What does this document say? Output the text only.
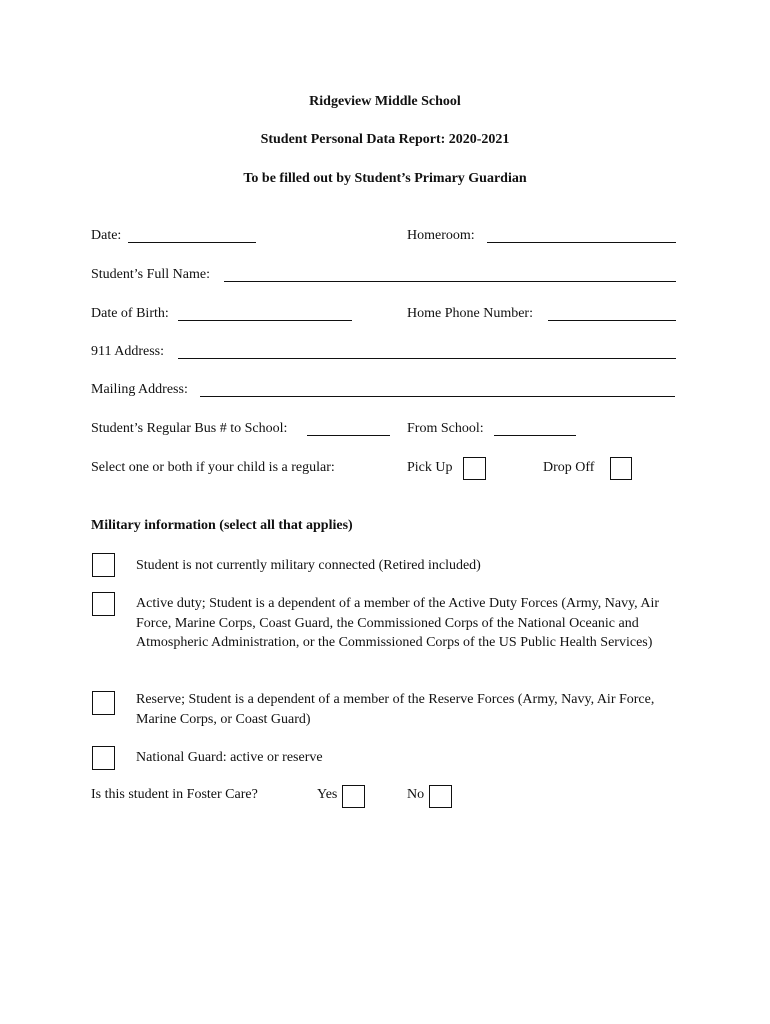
Ridgeview Middle School
Student Personal Data Report: 2020-2021
To be filled out by Student’s Primary Guardian
Date:	Homeroom:
Student’s Full Name:
Date of Birth:	Home Phone Number:
911 Address:
Mailing Address:
Student’s Regular Bus # to School:	From School:
Select one or both if your child is a regular:	Pick Up	Drop Off
Military information (select all that applies)
Student is not currently military connected (Retired included)
Active duty; Student is a dependent of a member of the Active Duty Forces (Army, Navy, Air Force, Marine Corps, Coast Guard, the Commissioned Corps of the National Oceanic and Atmospheric Administration, or the Commissioned Corps of the US Public Health Services)
Reserve; Student is a dependent of a member of the Reserve Forces (Army, Navy, Air Force, Marine Corps, or Coast Guard)
National Guard: active or reserve
Is this student in Foster Care?	Yes	No
